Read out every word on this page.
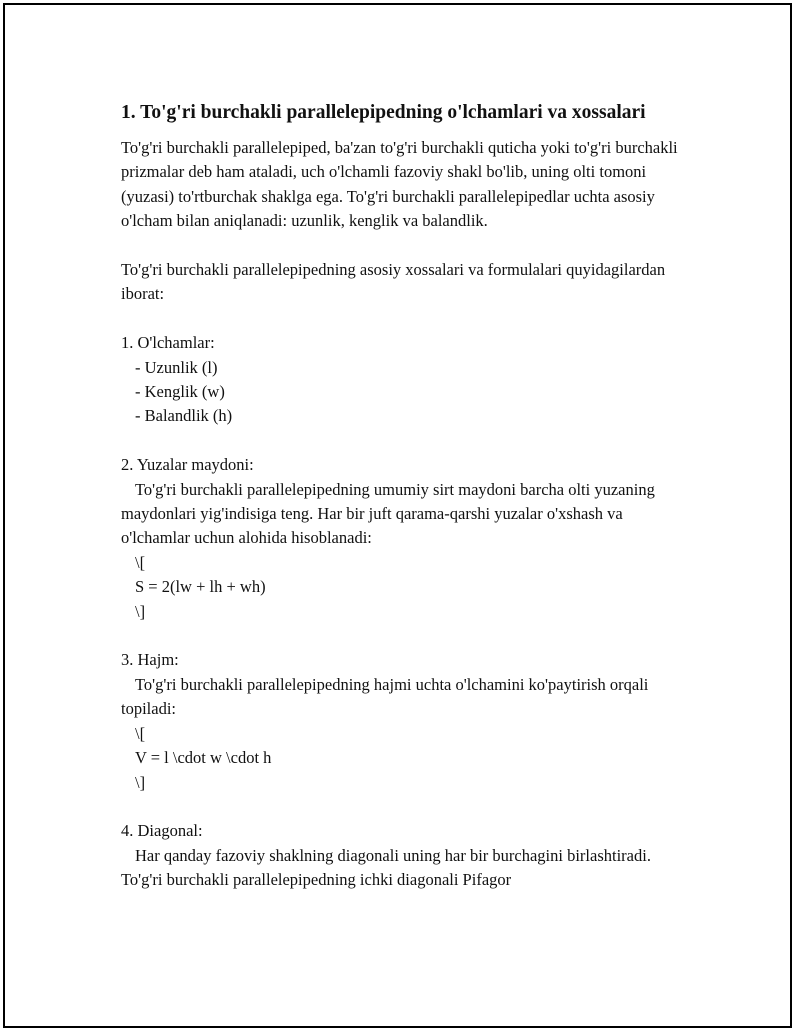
1. To'g'ri burchakli parallelepipedning o'lchamlari va xossalari

To'g'ri burchakli parallelepiped, ba'zan to'g'ri burchakli quticha yoki to'g'ri burchakli prizmalar deb ham ataladi, uch o'lchamli fazoviy shakl bo'lib, uning olti tomoni (yuzasi) to'rtburchak shaklga ega. To'g'ri burchakli parallelepipedlar uchta asosiy o'lcham bilan aniqlanadi: uzunlik, kenglik va balandlik.

To'g'ri burchakli parallelepipedning asosiy xossalari va formulalari quyidagilardan iborat:

1. O'lchamlar:

- Uzunlik (l)

- Kenglik (w)

- Balandlik (h)

2. Yuzalar maydoni:

To'g'ri burchakli parallelepipedning umumiy sirt maydoni barcha olti yuzaning maydonlari yig'indisiga teng. Har bir juft qarama-qarshi yuzalar o'xshash va o'lchamlar uchun alohida hisoblanadi:

\[

S = 2(lw + lh + wh)

\]

3. Hajm:

To'g'ri burchakli parallelepipedning hajmi uchta o'lchamini ko'paytirish orqali topiladi:

\[

V = l \cdot w \cdot h

\]

4. Diagonal:

Har qanday fazoviy shaklning diagonali uning har bir burchagini birlashtiradi. To'g'ri burchakli parallelepipedning ichki diagonali Pifagor
